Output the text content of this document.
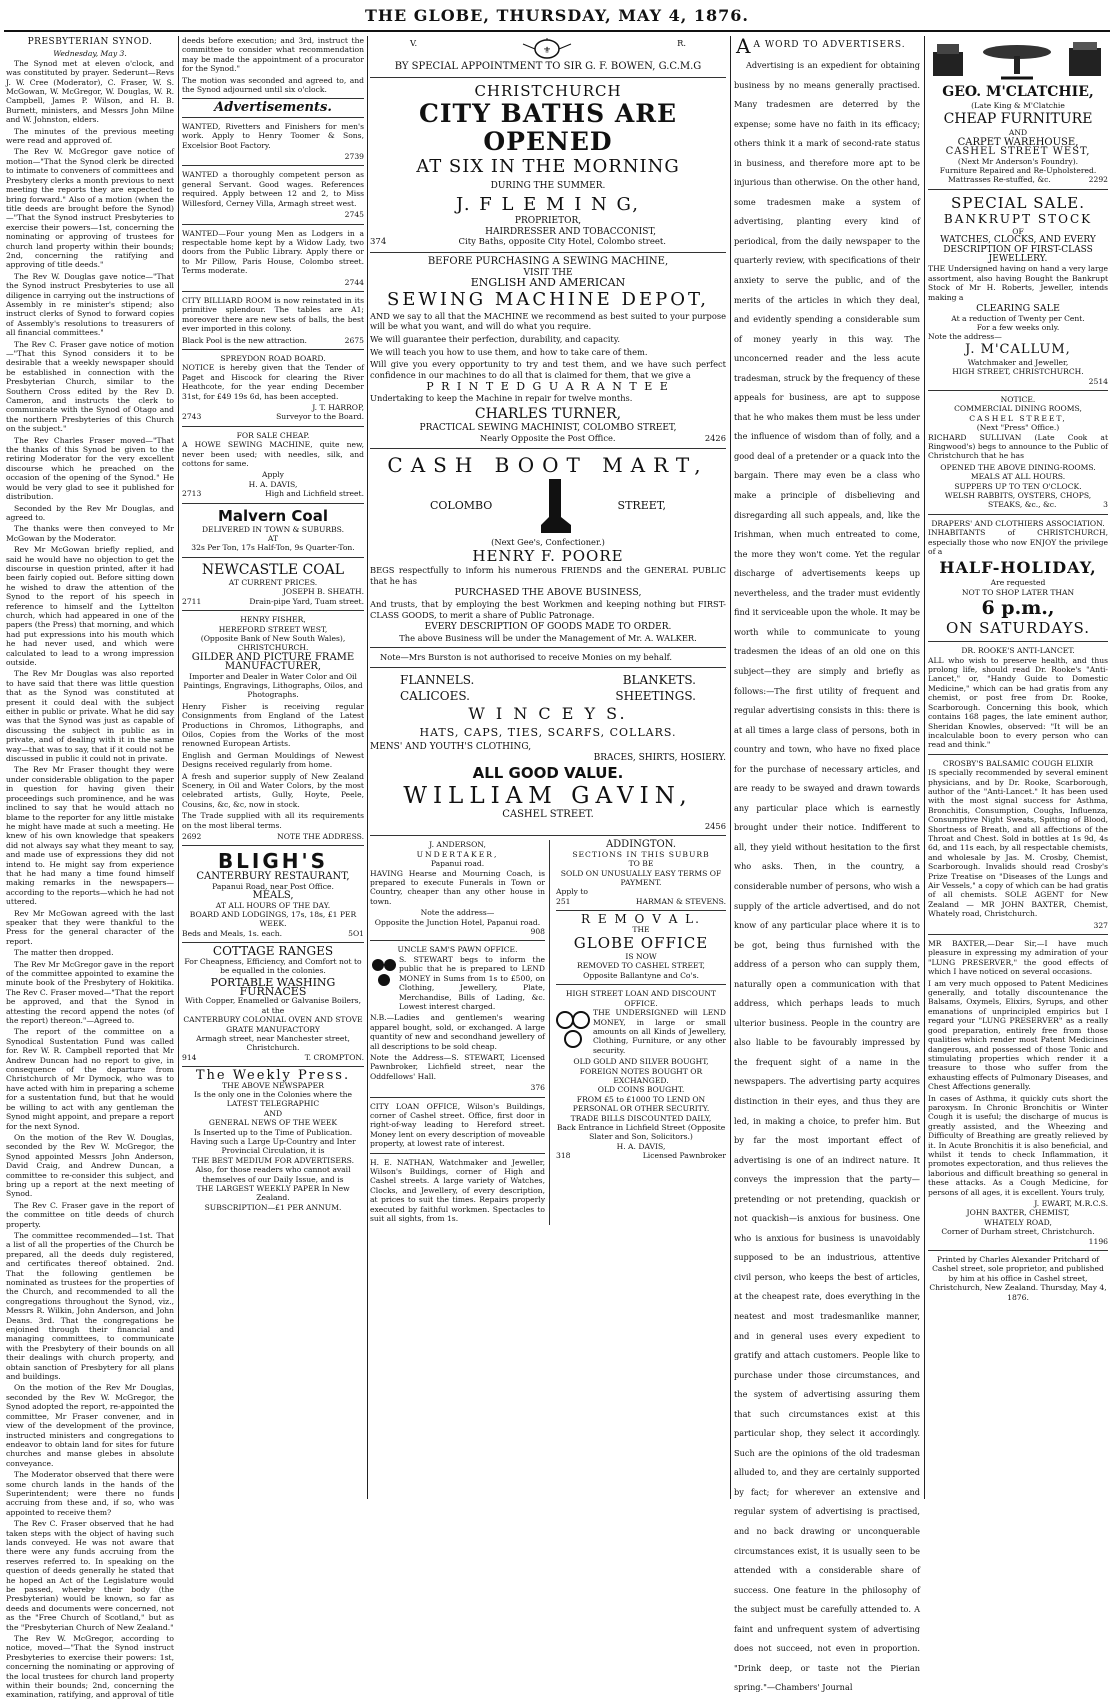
THE GLOBE, THURSDAY, MAY 4, 1876.
PRESBYTERIAN SYNOD.
Wednesday, May 3.

The Synod met at eleven o'clock, and was constituted by prayer. Sederunt—Revs J. W. Cree (Moderator), C. Fraser, W. S. McGowan, W. McGregor, W. Douglas, W. R. Campbell, James P. Wilson, and H. B. Burnett, ministers, and Messrs John Milne and W. Johnston, elders.

The minutes of the previous meeting were read and approved of.

The Rev W. McGregor gave notice of motion—"That the Synod clerk be directed to intimate to conveners of committees and Presbytery clerks a month previous to next meeting the reports they are expected to bring forward." Also of a motion (when the title deeds are brought before the Synod) —"That the Synod instruct Presbyteries to exercise their powers—1st, concerning the nominating or approving of trustees for church land property within their bounds; 2nd, concerning the ratifying and approving of title deeds."

The Rev W. Douglas gave notice—"That the Synod instruct Presbyteries to use all diligence in carrying out the instructions of Assembly in re minister's stipend; also instruct clerks of Synod to forward copies of Assembly's resolutions to treasurers of all financial committees."

The Rev C. Fraser gave notice of motion—"That this Synod considers it to be desirable that a weekly newspaper should be established in connection with the Presbyterian Church, similar to the Southern Cross edited by the Rev D. Cameron, and instructs the clerk to communicate with the Synod of Otago and the northern Presbyteries of this Church on the subject."

The Rev Charles Fraser moved—"That the thanks of this Synod be given to the retiring Moderator for the very excellent discourse which he preached on the occasion of the opening of the Synod." He would be very glad to see it published for distribution.

Seconded by the Rev Mr Douglas, and agreed to.

The thanks were then conveyed to Mr McGowan by the Moderator.

Rev Mr McGowan briefly replied, and said he would have no objection to get the discourse in question printed, after it had been fairly copied out. Before sitting down he wished to draw the attention of the Synod to the report of his speech in reference to himself and the Lyttelton church, which had appeared in one of the papers (the Press) that morning, and which had put expressions into his mouth which he had never used, and which were calculated to lead to a wrong impression outside.

The Rev Mr Douglas was also reported to have said that there was little question that as the Synod was constituted at present it could deal with the subject either in public or private. What he did say was that the Synod was just as capable of discussing the subject in public as in private, and of dealing with it in the same way—that was to say, that if it could not be discussed in public it could not in private.

The Rev Mr Fraser thought they were under considerable obligation to the paper in question for having given their proceedings such prominence, and he was inclined to say that he would attach no blame to the reporter for any little mistake he might have made at such a meeting. He knew of his own knowledge that speakers did not always say what they meant to say, and made use of expressions they did not intend to. He might say from experience that he had many a time found himself making remarks in the newspapers—according to the reports—which he had not uttered.

Rev Mr McGowan agreed with the last speaker that they were thankful to the Press for the general character of the report.

The matter then dropped.

The Rev Mr McGregor gave in the report of the committee appointed to examine the minute book of the Presbytery of Hokitika. The Rev C. Fraser moved—"That the report be approved, and that the Synod in attesting the record append the notes (of the report) thereon."—Agreed to.

The report of the committee on a Synodical Sustentation Fund was called for. Rev W. R. Campbell reported that Mr Andrew Duncan had no report to give, in consequence of the departure from Christchurch of Mr Dymock, who was to have acted with him in preparing a scheme for a sustentation fund, but that he would be willing to act with any gentleman the Synod might appoint, and prepare a report for the next Synod.

On the motion of the Rev W. Douglas, seconded by the Rev W. McGregor, the Synod appointed Messrs John Anderson, David Craig, and Andrew Duncan, a committee to re-consider this subject, and bring up a report at the next meeting of Synod.

The Rev C. Fraser gave in the report of the committee on title deeds of church property.

The committee recommended—1st. That a list of all the properties of the Church be prepared, all the deeds duly registered, and certificates thereof obtained. 2nd. That the following gentlemen be nominated as trustees for the properties of the Church, and recommended to all the congregations throughout the Synod, viz., Messrs R. Wilkin, John Anderson, and John Deans. 3rd. That the congregations be enjoined through their financial and managing committees, to communicate with the Presbytery of their bounds on all their dealings with church property, and obtain sanction of Presbytery for all plans and buildings.

On the motion of the Rev Mr Douglas, seconded by the Rev W. McGregor, the Synod adopted the report, re-appointed the committee, Mr Fraser convener, and in view of the development of the province, instructed ministers and congregations to endeavor to obtain land for sites for future churches and manse glebes in absolute conveyance.

The Moderator observed that there were some church lands in the hands of the Superintendent; were there no funds accruing from these and, if so, who was appointed to receive them?

The Rev C. Fraser observed that he had taken steps with the object of having such lands conveyed. He was not aware that there were any funds accruing from the reserves referred to. In speaking on the question of deeds generally he stated that he hoped an Act of the Legislature would be passed, whereby their body (the Presbyterian) would be known, so far as deeds and documents were concerned, not as the "Free Church of Scotland," but as the "Presbyterian Church of New Zealand."

The Rev W. McGregor, according to notice, moved—"That the Synod instruct Presbyteries to exercise their powers: 1st, concerning the nominating or approving of the local trustees for church land property within their bounds; 2nd, concerning the examination, ratifying, and approval of title

deeds before execution; and 3rd, instruct the committee to consider what recommendation may be made the appointment of a procurator for the Synod."

The motion was seconded and agreed to, and the Synod adjourned until six o'clock.

Advertisements.

WANTED, Rivetters and Finishers for men's work. Apply to Henry Toomer & Sons, Excelsior Boot Factory.

2739

WANTED a thoroughly competent person as general Servant. Good wages. References required. Apply between 12 and 2, to Miss Willesford, Cerney Villa, Armagh street west.

2745

WANTED—Four young Men as Lodgers in a respectable home kept by a Widow Lady, two doors from the Public Library. Apply there or to Mr Pillow, Paris House, Colombo street. Terms moderate.

2744

CITY BILLIARD ROOM is now reinstated in its primitive splendour. The tables are A1; moreover there are new sets of balls, the best ever imported in this colony.

Black Pool is the new attraction.	2675
SPREYDON ROAD BOARD.

NOTICE is hereby given that the Tender of Paget and Hiscock for clearing the River Heathcote, for the year ending December 31st, for £49 19s 6d, has been accepted.

J. T. HARROP,
2743	Surveyor to the Board.
FOR SALE CHEAP.

A HOWE SEWING MACHINE, quite new, never been used; with needles, silk, and cottons for same.

Apply
H. A. DAVIS,
2713	High and Lichfield street.
Malvern Coal
DELIVERED IN TOWN & SUBURBS.
AT
32s Per Ton, 17s Half-Ton, 9s Quarter-Ton.
NEWCASTLE COAL
AT CURRENT PRICES.
JOSEPH B. SHEATH.
2711	Drain-pipe Yard, Tuam street.
HENRY FISHER,
HEREFORD STREET WEST,
(Opposite Bank of New South Wales),
CHRISTCHURCH.
GILDER AND PICTURE FRAME MANUFACTURER,

Importer and Dealer in Water Color and Oil Paintings, Engravings, Lithographs, Oilos, and Photographs.

Henry Fisher is receiving regular Consignments from England of the Latest Productions in Chromos, Lithographs, and Oilos, Copies from the Works of the most renowned European Artists.

English and German Mouldings of Newest Designs received regularly from home.

A fresh and superior supply of New Zealand Scenery, in Oil and Water Colors, by the most celebrated artists, Gully, Hoyte, Peele, Cousins, &c, &c, now in stock.

The Trade supplied with all its requirements on the most liberal terms.

2692	NOTE THE ADDRESS.
BLIGH'S
CANTERBURY RESTAURANT,
Papanui Road, near Post Office.
MEALS,
AT ALL HOURS OF THE DAY.
BOARD AND LODGINGS, 17s, 18s, £1 PER WEEK.
Beds and Meals, 1s. each.	5O1
COTTAGE RANGES

For Cheapness, Efficiency, and Comfort not to be equalled in the colonies.

PORTABLE WASHING FURNACES
With Copper, Enamelled or Galvanise Boilers, at the
CANTERBURY COLONIAL OVEN AND STOVE GRATE MANUFACTORY
Armagh street, near Manchester street, Christchurch.
914	T. CROMPTON.
The Weekly Press.
THE ABOVE NEWSPAPER
Is the only one in the Colonies where the
LATEST TELEGRAPHIC
AND
GENERAL NEWS OF THE WEEK
Is Inserted up to the Time of Publication.
Having such a Large Up-Country and Inter Provincial Circulation, it is
THE BEST MEDIUM FOR ADVERTISERS.
Also, for those readers who cannot avail themselves of our Daily Issue, and is
THE LARGEST WEEKLY PAPER In New Zealand.
SUBSCRIPTION—£1 PER ANNUM.
V.
⚜
R.
BY SPECIAL APPOINTMENT TO SIR G. F. BOWEN, G.C.M.G
CHRISTCHURCH
CITY BATHS ARE OPENED
AT SIX IN THE MORNING
DURING THE SUMMER.
J. F L E M I N G,
PROPRIETOR,
HAIRDRESSER AND TOBACCONIST,
374	City Baths, opposite City Hotel, Colombo street.
BEFORE PURCHASING A SEWING MACHINE,
VISIT THE
ENGLISH AND AMERICAN
SEWING MACHINE DEPOT,

AND we say to all that the MACHINE we recommend as best suited to your purpose will be what you want, and will do what you require.

We will guarantee their perfection, durability, and capacity.

We will teach you how to use them, and how to take care of them.

Will give you every opportunity to try and test them, and we have such perfect confidence in our machines to do all that is claimed for them, that we give a

P R I N T E D G U A R A N T E E

Undertaking to keep the Machine in repair for twelve months.

CHARLES TURNER,
PRACTICAL SEWING MACHINIST, COLOMBO STREET,
Nearly Opposite the Post Office.	2426
CASH BOOT MART,
COLOMBO	STREET,
(Next Gee's, Confectioner.)
HENRY F. POORE

BEGS respectfully to inform his numerous FRIENDS and the GENERAL PUBLIC that he has

PURCHASED THE ABOVE BUSINESS,

And trusts, that by employing the best Workmen and keeping nothing but FIRST-CLASS GOODS, to merit a share of Public Patronage.

EVERY DESCRIPTION OF GOODS MADE TO ORDER.
The above Business will be under the Management of Mr. A. WALKER.
Note—Mrs Burston is not authorised to receive Monies on my behalf.
FLANNELS.	BLANKETS.
CALICOES.	SHEETINGS.
W I N C E Y S.
HATS, CAPS, TIES, SCARFS, COLLARS.
MENS' AND YOUTH'S CLOTHING,
BRACES, SHIRTS, HOSIERY.
ALL GOOD VALUE.
WILLIAM GAVIN,
CASHEL STREET.
2456
J. ANDERSON,
UNDERTAKER,
Papanui road.

HAVING Hearse and Mourning Coach, is prepared to execute Funerals in Town or Country, cheaper than any other house in town.

Note the address—
Opposite the Junction Hotel, Papanui road.
908
UNCLE SAM'S PAWN OFFICE.

S. STEWART begs to inform the public that he is prepared to LEND MONEY in Sums from 1s to £500, on Clothing, Jewellery, Plate, Merchandise, Bills of Lading, &c. Lowest interest charged.

N.B.—Ladies and gentlemen's wearing apparel bought, sold, or exchanged. A large quantity of new and secondhand jewellery of all descriptions to be sold cheap.

Note the Address—S. STEWART, Licensed Pawnbroker, Lichfield street, near the Oddfellows' Hall.

376

CITY LOAN OFFICE, Wilson's Buildings, corner of Cashel street. Office, first door in right-of-way leading to Hereford street. Money lent on every description of moveable property, at lowest rate of interest.

H. E. NATHAN, Watchmaker and Jeweller, Wilson's Buildings, corner of High and Cashel streets. A large variety of Watches, Clocks, and Jewellery, of every description, at prices to suit the times. Repairs properly executed by faithful workmen. Spectacles to suit all sights, from 1s.

ADDINGTON.
SECTIONS IN THIS SUBURB
TO BE
SOLD ON UNUSUALLY EASY TERMS OF PAYMENT.
Apply to
251	HARMAN & STEVENS.
R E M O V A L.
THE
GLOBE OFFICE
IS NOW
REMOVED TO CASHEL STREET,
Opposite Ballantyne and Co's.
HIGH STREET LOAN AND DISCOUNT OFFICE.

THE UNDERSIGNED will LEND MONEY, in large or small amounts on all Kinds of Jewellery, Clothing, Furniture, or any other security.

OLD GOLD AND SILVER BOUGHT, FOREIGN NOTES BOUGHT OR EXCHANGED.
OLD COINS BOUGHT.
FROM £5 to £1000 TO LEND ON PERSONAL OR OTHER SECURITY.
TRADE BILLS DISCOUNTED DAILY,
Back Entrance in Lichfield Street (Opposite Slater and Son, Solicitors.)
H. A. DAVIS,
318	Licensed Pawnbroker
A A WORD TO ADVERTISERS.
Advertising is an expedient for obtaining business by no means generally practised. Many tradesmen are deterred by the expense; some have no faith in its efficacy; others think it a mark of second-rate status in business, and therefore more apt to be injurious than otherwise. On the other hand, some tradesmen make a system of advertising, planting every kind of periodical, from the daily newspaper to the quarterly review, with specifications of their anxiety to serve the public, and of the merits of the articles in which they deal, and evidently spending a considerable sum of money yearly in this way. The unconcerned reader and the less acute tradesman, struck by the frequency of these appeals for business, are apt to suppose that he who makes them must be less under the influence of wisdom than of folly, and a good deal of a pretender or a quack into the bargain. There may even be a class who make a principle of disbelieving and disregarding all such appeals, and, like the Irishman, when much entreated to come, the more they won't come. Yet the regular discharge of advertisements keeps up nevertheless, and the trader must evidently find it serviceable upon the whole. It may be worth while to communicate to young tradesmen the ideas of an old one on this subject—they are simply and briefly as follows:—The first utility of frequent and regular advertising consists in this: there is at all times a large class of persons, both in country and town, who have no fixed place for the purchase of necessary articles, and are ready to be swayed and drawn towards any particular place which is earnestly brought under their notice. Indifferent to all, they yield without hesitation to the first who asks. Then, in the country, a considerable number of persons, who wish a supply of the article advertised, and do not know of any particular place where it is to be got, being thus furnished with the address of a person who can supply them, naturally open a communication with that address, which perhaps leads to much ulterior business. People in the country are also liable to be favourably impressed by the frequent sight of a name in the newspapers. The advertising party acquires distinction in their eyes, and thus they are led, in making a choice, to prefer him. But by far the most important effect of advertising is one of an indirect nature. It conveys the impression that the party—pretending or not pretending, quackish or not quackish—is anxious for business. One who is anxious for business is unavoidably supposed to be an industrious, attentive civil person, who keeps the best of articles, at the cheapest rate, does everything in the neatest and most tradesmanlike manner, and in general uses every expedient to gratify and attach customers. People like to purchase under those circumstances, and the system of advertising assuring them that such circumstances exist at this particular shop, they select it accordingly. Such are the opinions of the old tradesman alluded to, and they are certainly supported by fact; for wherever an extensive and regular system of advertising is practised, and no back drawing or unconquerable circumstances exist, it is usually seen to be attended with a considerable share of success. One feature in the philosophy of the subject must be carefully attended to. A faint and unfrequent system of advertising does not succeed, not even in proportion. "Drink deep, or taste not the Pierian spring."—Chambers' Journal
GEO. M'CLATCHIE,
(Late King & M'Clatchie
CHEAP FURNITURE
AND
CARPET WAREHOUSE,
CASHEL STREET WEST,
(Next Mr Anderson's Foundry).
Furniture Repaired and Re-Upholstered.
Mattrasses Re-stuffed, &c.	2292
SPECIAL SALE.
BANKRUPT STOCK
OF
WATCHES, CLOCKS, AND EVERY DESCRIPTION OF FIRST-CLASS JEWELLERY.

THE Undersigned having on hand a very large assortment, also having Bought the Bankrupt Stock of Mr H. Roberts, Jeweller, intends making a

CLEARING SALE
At a reduction of Twenty per Cent.
For a few weeks only.
Note the address—
J. M'CALLUM,
Watchmaker and Jeweller,
HIGH STREET, CHRISTCHURCH.
2514
NOTICE.
COMMERCIAL DINING ROOMS,
CASHEL STREET,
(Next "Press" Office.)

RICHARD SULLIVAN (Late Cook at Ringwood's) begs to announce to the Public of Christchurch that he has

OPENED THE ABOVE DINING-ROOMS.
MEALS AT ALL HOURS.
SUPPERS UP TO TEN O'CLOCK.
WELSH RABBITS, OYSTERS, CHOPS,
STEAKS, &c., &c.	3
DRAPERS' AND CLOTHIERS ASSOCIATION.

INHABITANTS of CHRISTCHURCH, especially those who now ENJOY the privilege of a

HALF-HOLIDAY,
Are requested
NOT TO SHOP LATER THAN
6 p.m.,
ON SATURDAYS.
DR. ROOKE'S ANTI-LANCET.

ALL who wish to preserve health, and thus prolong life, should read Dr. Rooke's "Anti-Lancet," or, "Handy Guide to Domestic Medicine," which can be had gratis from any chemist, or post free from Dr. Rooke, Scarborough. Concerning this book, which contains 168 pages, the late eminent author, Sheridan Knowles, observed: "It will be an incalculable boon to every person who can read and think."

CROSBY'S BALSAMIC COUGH ELIXIR

IS specially recommended by several eminent physicians, and by Dr. Rooke, Scarborough, author of the "Anti-Lancet." It has been used with the most signal success for Asthma, Bronchitis, Consumption, Coughs, Influenza, Consumptive Night Sweats, Spitting of Blood, Shortness of Breath, and all affections of the Throat and Chest. Sold in bottles at 1s 9d, 4s 6d, and 11s each, by all respectable chemists, and wholesale by Jas. M. Crosby, Chemist, Scarborough. Invalids should read Crosby's Prize Treatise on "Diseases of the Lungs and Air Vessels," a copy of which can be had gratis of all chemists. SOLE AGENT for New Zealand — MR JOHN BAXTER, Chemist, Whately road, Christchurch.

327

MR BAXTER,—Dear Sir,—I have much pleasure in expressing my admiration of your "LUNG PRESERVER," the good effects of which I have noticed on several occasions.

I am very much opposed to Patent Medicines generally, and totally discountenance the Balsams, Oxymels, Elixirs, Syrups, and other emanations of unprincipled empirics but I regard your "LUNG PRESERVER" as a really good preparation, entirely free from those qualities which render most Patent Medicines dangerous, and possessed of those Tonic and stimulating properties which render it a treasure to those who suffer from the exhausting effects of Pulmonary Diseases, and Chest Affections generally.

In cases of Asthma, it quickly cuts short the paroxysm. In Chronic Bronchitis or Winter Cough it is useful; the discharge of mucus is greatly assisted, and the Wheezing and Difficulty of Breathing are greatly relieved by it. In Acute Bronchitis it is also beneficial, and whilst it tends to check Inflammation, it promotes expectoration, and thus relieves the laborious and difficult breathing so general in these attacks. As a Cough Medicine, for persons of all ages, it is excellent. Yours truly,

J. EWART, M.R.C.S.
JOHN BAXTER, CHEMIST,
WHATELY ROAD,
Corner of Durham street, Christchurch.
1196

Printed by Charles Alexander Pritchard of Cashel street, sole proprietor, and published by him at his office in Cashel street, Christchurch, New Zealand. Thursday, May 4, 1876.
